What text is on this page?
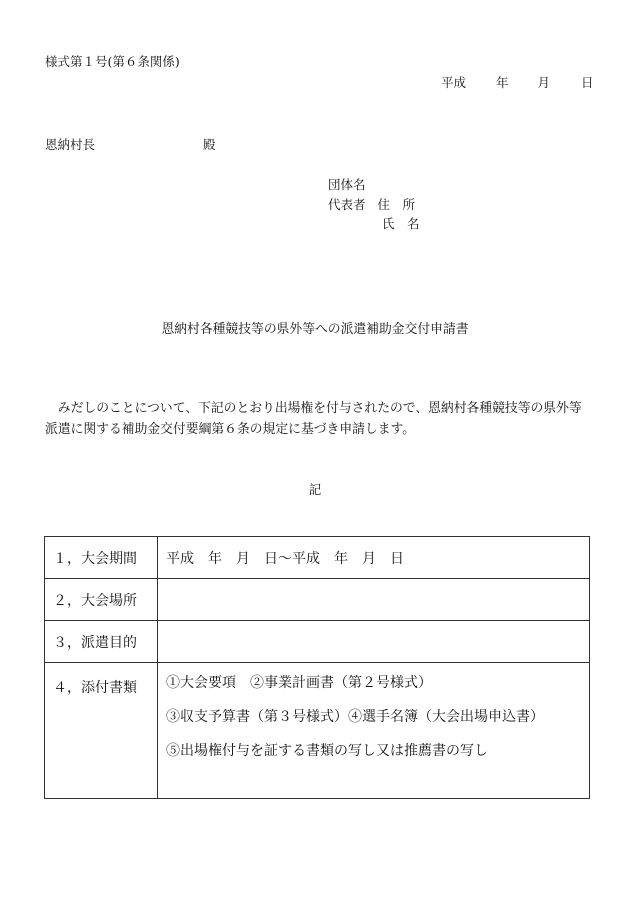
様式第１号(第６条関係)
平成 年 月 日
恩納村長	殿
団体名
代表者 住　所
氏　名
恩納村各種競技等の県外等への派遣補助金交付申請書

みだしのことについて、下記のとおり出場権を付与されたので、恩納村各種競技等の県外等派遣に関する補助金交付要綱第６条の規定に基づき申請します。

記
１，大会期間	平成　年　月　日～平成　年　月　日
２，大会場所	
３，派遣目的	
４，添付書類	①大会要項　②事業計画書（第２号様式）
③収支予算書（第３号様式）④選手名簿（大会出場申込書）
⑤出場権付与を証する書類の写し又は推薦書の写し
